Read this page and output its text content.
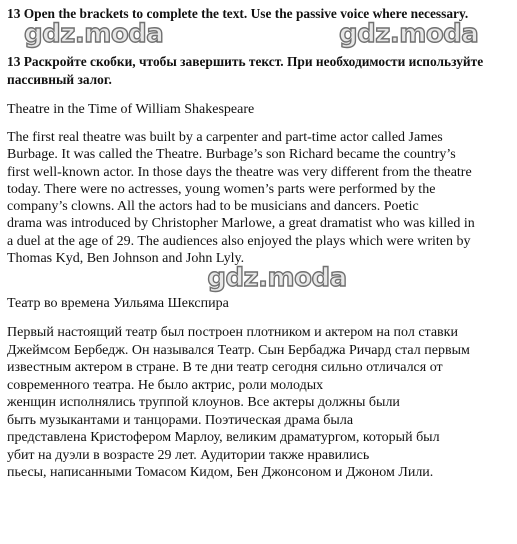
13 Open the brackets to complete the text. Use the passive voice where necessary.

gdz.moda	gdz.moda

13 Раскройте скобки, чтобы завершить текст. При необходимости используйте пассивный залог.

Theatre in the Time of William Shakespeare

The first real theatre was built by a carpenter and part-time actor called James
Burbage. It was called the Theatre. Burbage’s son Richard became the country’s
first well-known actor. In those days the theatre was very different from the theatre
today. There were no actresses, young women’s parts were performed by the
company’s clowns. All the actors had to be musicians and dancers. Poetic
drama was introduced by Christopher Marlowe, a great dramatist who was killed in
a duel at the age of 29. The audiences also enjoyed the plays which were writen by
Thomas Kyd, Ben Johnson and John Lyly.

gdz.moda

Театр во времена Уильяма Шекспира

Первый настоящий театр был построен плотником и актером на пол ставки
Джеймсом Бербедж. Он назывался Театр. Сын Бербаджа Ричард стал первым
известным актером в стране. В те дни театр сегодня сильно отличался от
современного театра. Не было актрис, роли молодых
женщин исполнялись труппой клоунов. Все актеры должны были
быть музыкантами и танцорами. Поэтическая драма была
представлена Кристофером Марлоу, великим драматургом, который был
убит на дуэли в возрасте 29 лет. Аудитории также нравились
пьесы, написанными Томасом Кидом, Бен Джонсоном и Джоном Лили.
